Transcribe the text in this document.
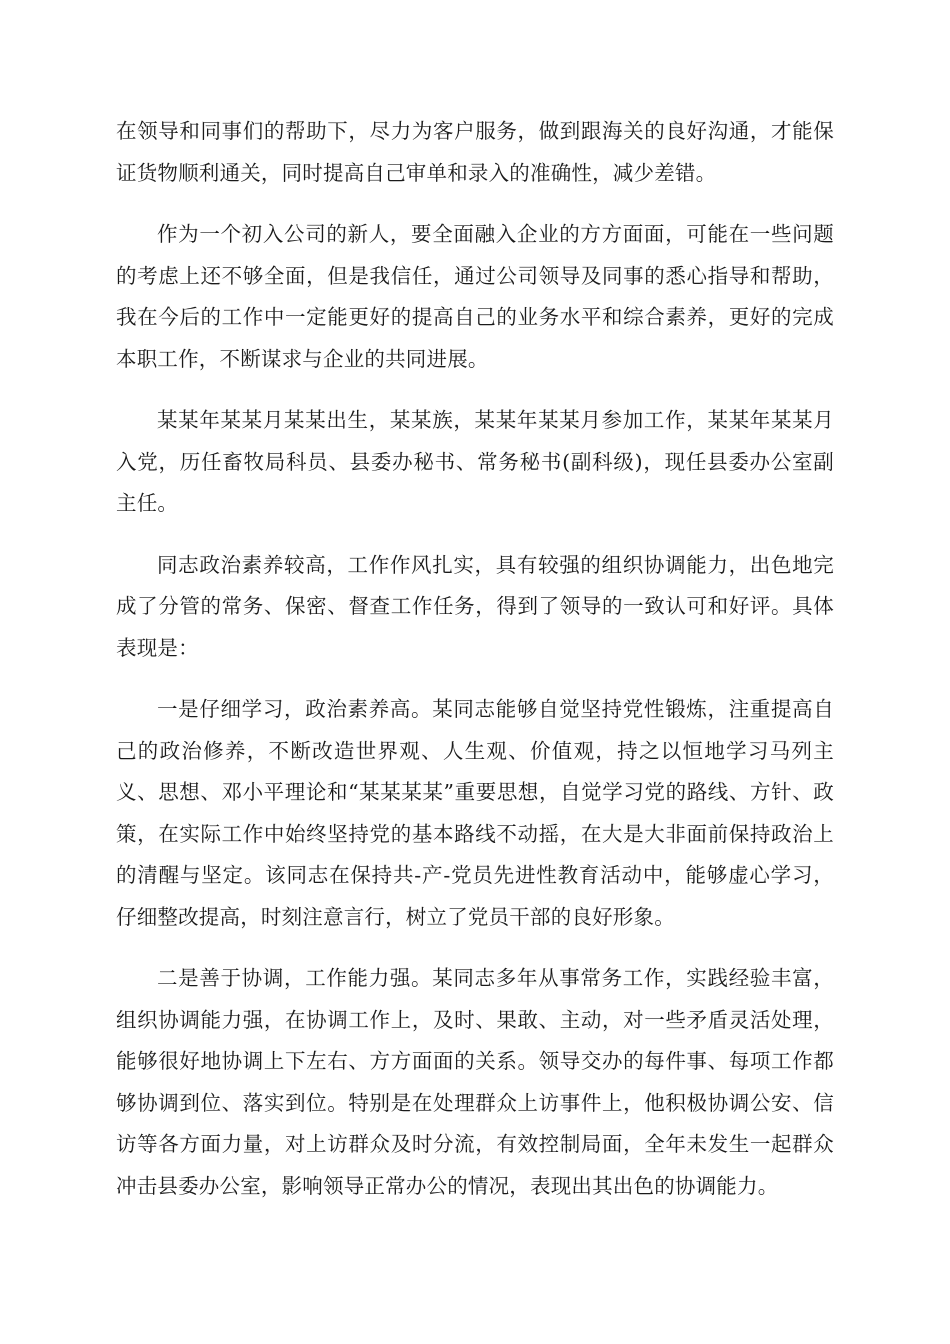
在领导和同事们的帮助下，尽力为客户服务，做到跟海关的良好沟通，才能保证货物顺利通关，同时提高自己审单和录入的准确性，减少差错。

作为一个初入公司的新人，要全面融入企业的方方面面，可能在一些问题的考虑上还不够全面，但是我信任，通过公司领导及同事的悉心指导和帮助，我在今后的工作中一定能更好的提高自己的业务水平和综合素养，更好的完成本职工作，不断谋求与企业的共同进展。

某某年某某月某某出生，某某族，某某年某某月参加工作，某某年某某月入党，历任畜牧局科员、县委办秘书、常务秘书(副科级)，现任县委办公室副主任。

同志政治素养较高，工作作风扎实，具有较强的组织协调能力，出色地完成了分管的常务、保密、督查工作任务，得到了领导的一致认可和好评。具体表现是：

一是仔细学习，政治素养高。某同志能够自觉坚持党性锻炼，注重提高自己的政治修养，不断改造世界观、人生观、价值观，持之以恒地学习马列主义、思想、邓小平理论和“某某某某”重要思想，自觉学习党的路线、方针、政策，在实际工作中始终坚持党的基本路线不动摇，在大是大非面前保持政治上的清醒与坚定。该同志在保持共-产-党员先进性教育活动中，能够虚心学习，仔细整改提高，时刻注意言行，树立了党员干部的良好形象。

二是善于协调，工作能力强。某同志多年从事常务工作，实践经验丰富，组织协调能力强，在协调工作上，及时、果敢、主动，对一些矛盾灵活处理，能够很好地协调上下左右、方方面面的关系。领导交办的每件事、每项工作都够协调到位、落实到位。特别是在处理群众上访事件上，他积极协调公安、信访等各方面力量，对上访群众及时分流，有效控制局面，全年未发生一起群众冲击县委办公室，影响领导正常办公的情况，表现出其出色的协调能力。
